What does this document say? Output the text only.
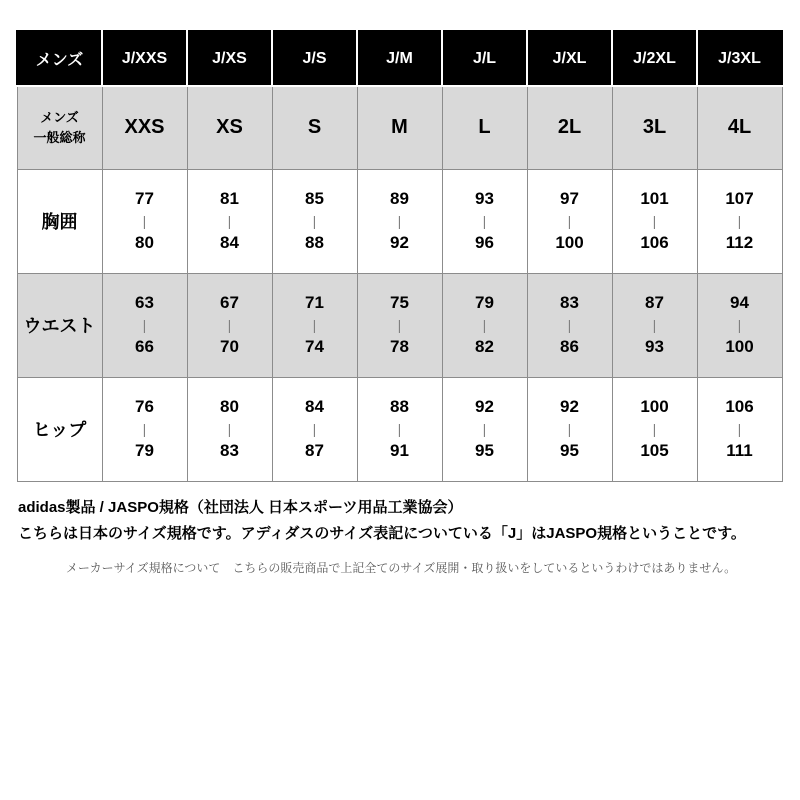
メンズ	J/XXS	J/XS	J/S	J/M	J/L	J/XL	J/2XL	J/3XL

メンズ
一般総称	XXS	XS	S	M	L	2L	3L	4L
胸囲	77
|
80	81
|
84	85
|
88	89
|
92	93
|
96	97
|
100	101
|
106	107
|
112

ウエスト	63
|
66	67
|
70	71
|
74	75
|
78	79
|
82	83
|
86	87
|
93	94
|
100

ヒップ	76
|
79	80
|
83	84
|
87	88
|
91	92
|
95	92
|
95	100
|
105	106
|
111
adidas製品 / JASPO規格（社団法人 日本スポーツ用品工業協会）
こちらは日本のサイズ規格です。アディダスのサイズ表記についている「J」はJASPO規格ということです。
メーカーサイズ規格について　こちらの販売商品で上記全てのサイズ展開・取り扱いをしているというわけではありません。
